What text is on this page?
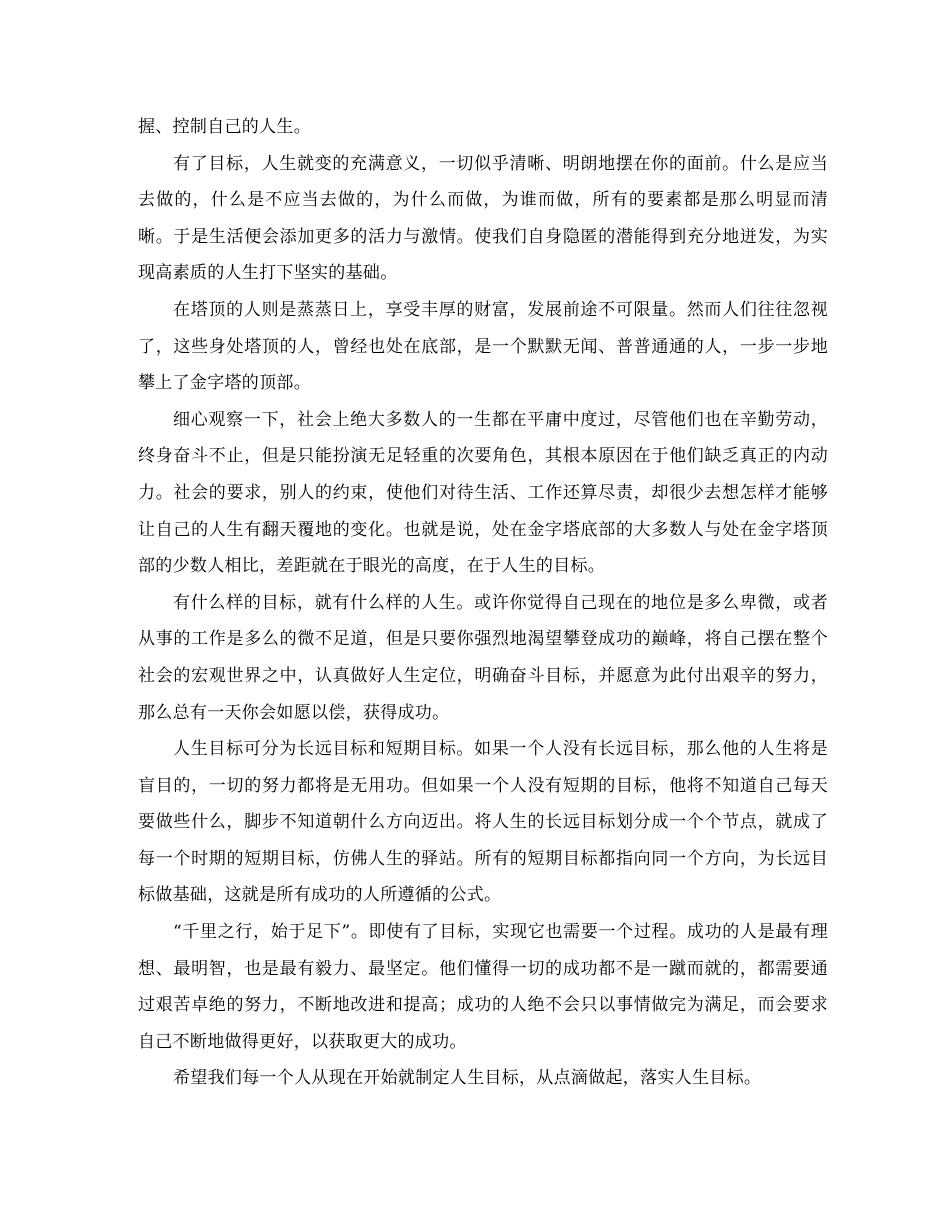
握、控制自己的人生。

有了目标，人生就变的充满意义，一切似乎清晰、明朗地摆在你的面前。什么是应当去做的，什么是不应当去做的，为什么而做，为谁而做，所有的要素都是那么明显而清晰。于是生活便会添加更多的活力与激情。使我们自身隐匿的潜能得到充分地迸发，为实现高素质的人生打下坚实的基础。

在塔顶的人则是蒸蒸日上，享受丰厚的财富，发展前途不可限量。然而人们往往忽视了，这些身处塔顶的人，曾经也处在底部，是一个默默无闻、普普通通的人，一步一步地攀上了金字塔的顶部。

细心观察一下，社会上绝大多数人的一生都在平庸中度过，尽管他们也在辛勤劳动，终身奋斗不止，但是只能扮演无足轻重的次要角色，其根本原因在于他们缺乏真正的内动力。社会的要求，别人的约束，使他们对待生活、工作还算尽责，却很少去想怎样才能够让自己的人生有翻天覆地的变化。也就是说，处在金字塔底部的大多数人与处在金字塔顶部的少数人相比，差距就在于眼光的高度，在于人生的目标。

有什么样的目标，就有什么样的人生。或许你觉得自己现在的地位是多么卑微，或者从事的工作是多么的微不足道，但是只要你强烈地渴望攀登成功的巅峰，将自己摆在整个社会的宏观世界之中，认真做好人生定位，明确奋斗目标，并愿意为此付出艰辛的努力，那么总有一天你会如愿以偿，获得成功。

人生目标可分为长远目标和短期目标。如果一个人没有长远目标，那么他的人生将是盲目的，一切的努力都将是无用功。但如果一个人没有短期的目标，他将不知道自己每天要做些什么，脚步不知道朝什么方向迈出。将人生的长远目标划分成一个个节点，就成了每一个时期的短期目标，仿佛人生的驿站。所有的短期目标都指向同一个方向，为长远目标做基础，这就是所有成功的人所遵循的公式。

“千里之行，始于足下”。即使有了目标，实现它也需要一个过程。成功的人是最有理想、最明智，也是最有毅力、最坚定。他们懂得一切的成功都不是一蹴而就的，都需要通过艰苦卓绝的努力，不断地改进和提高；成功的人绝不会只以事情做完为满足，而会要求自己不断地做得更好，以获取更大的成功。

希望我们每一个人从现在开始就制定人生目标，从点滴做起，落实人生目标。
